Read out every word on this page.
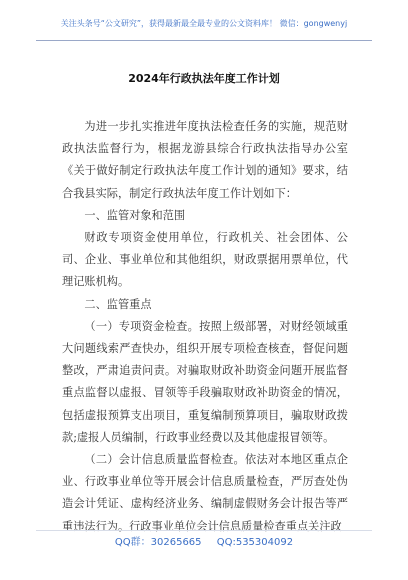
关注头条号“公文研究”，获得最新最全最专业的公文资料库！ 微信：gongwenyj
2024年行政执法年度工作计划

为进一步扎实推进年度执法检查任务的实施，规范财政执法监督行为，根据龙游县综合行政执法指导办公室《关于做好制定行政执法年度工作计划的通知》要求，结合我县实际，制定行政执法年度工作计划如下：

一、监管对象和范围

财政专项资金使用单位，行政机关、社会团体、公司、企业、事业单位和其他组织，财政票据用票单位，代理记账机构。

二、监管重点

（一）专项资金检查。按照上级部署，对财经领域重大问题线索严查快办，组织开展专项检查核查，督促问题整改，严肃追责问责。对骗取财政补助资金问题开展监督重点监督以虚报、冒领等手段骗取财政补助资金的情况，包括虚报预算支出项目，重复编制预算项目，骗取财政拨款;虚报人员编制，行政事业经费以及其他虚报冒领等。

（二）会计信息质量监督检查。依法对本地区重点企业、行政事业单位等开展会计信息质量检查，严厉查处伪造会计凭证、虚构经济业务、编制虚假财务会计报告等严重违法行为。行政事业单位会计信息质量检查重点关注政

QQ群：30265665 QQ:535304092
